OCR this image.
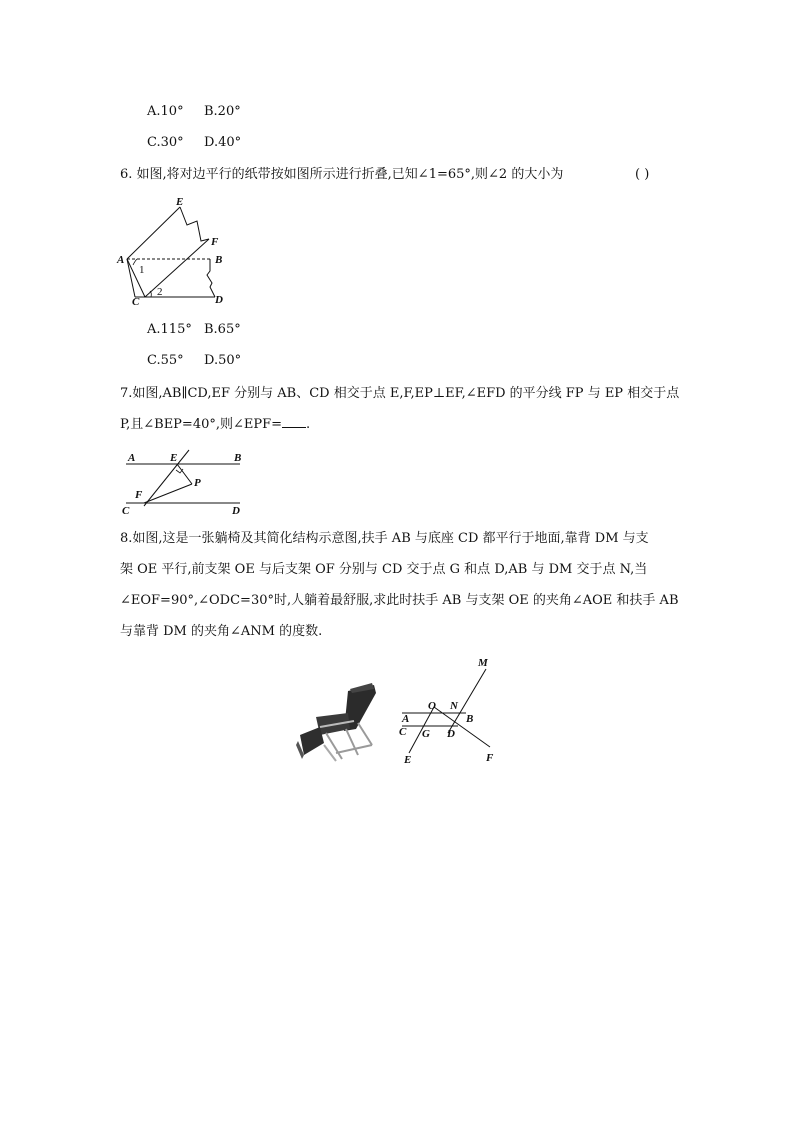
A.10° B.20°
C.30° D.40°
6. 如图,将对边平行的纸带按如图所示进行折叠,已知∠1=65°,则∠2 的大小为	( )
E
F
A	B
C	D
1
2
A.115° B.65°
C.55° D.50°
7.如图,AB∥CD,EF 分别与 AB、CD 相交于点 E,F,EP⊥EF,∠EFD 的平分线 FP 与 EP 相交于点
P,且∠BEP=40°,则∠EPF= .
A	E	B
P
F
C	D
8.如图,这是一张躺椅及其简化结构示意图,扶手 AB 与底座 CD 都平行于地面,靠背 DM 与支
架 OE 平行,前支架 OE 与后支架 OF 分别与 CD 交于点 G 和点 D,AB 与 DM 交于点 N,当
∠EOF=90°,∠ODC=30°时,人躺着最舒服,求此时扶手 AB 与支架 OE 的夹角∠AOE 和扶手 AB
与靠背 DM 的夹角∠ANM 的度数.
M
O N
A	B
C G D
E	F
